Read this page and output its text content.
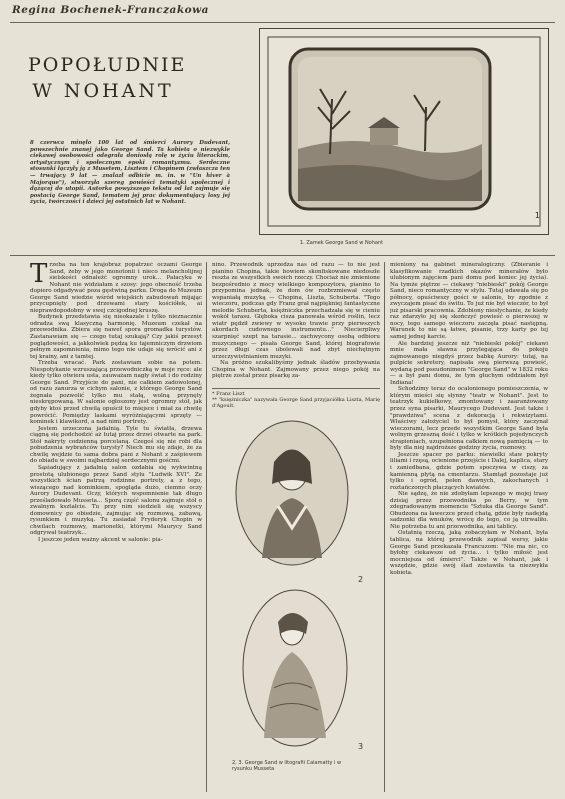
Regina Bochenek-Franczakowa
POPOŁUDNIE
W NOHANT
8 czerwca minęło 100 lat od śmierci Aurory Dudevant, powszechnie znanej jako George Sand. Ta kobieta o niezwykle ciekawej osobowości odegrała doniosłą rolę w życiu literackim, artystycznym i społecznym epoki romantyzmu. Serdeczne stosunki łączyły ją z Musetem, Lisztem i Chopinem (zwłaszcza ten — trwający 9 lat — znalazł odbicie m. in. w "Un hiver à Majorque"), stworzyła szereg powieści tematyki społecznej i dążącej do utopii. Autorka powyższego tekstu od lat zajmuje się postacią George Sand, tematem jej prac dokumentujący losy jej życia, twórczości i dzieci jej ostatnich lat w Nohant.
1
1. Zamek George Sand w Nohant

Trzeba na ten krajobraz popatrzeć oczami George Sand, żeby w jego monotonii i nieco melancholijnej sielskości odnaleźć ogromny urok... Pałacyku w Nohant nie widziałam z szosy: jego obecność trzeba dopiero odgadywać poza gęstwiną parku. Droga do Muzeum George Sand wiedzie wśród wiejskich zabudowań mijając przycupnięty pod drzewami stary kościółek, ai nieprawdopodobny w swej czcigodnej kruszę.

Budynek przedstawia się nieokazale i tylko nieznacznie odradza swą klasyczną harmonię. Muzeum czekał na przewodnika. Zbiera się naweť spora gromadka turystów. Zastanawiam się — czego tutaj szukają? Czy jakiś przesyt poglądowości, a jakkolwiek pędzą ku tajemniczym drzwiom pełnym zapomnienia, mimo tego nie udaje się wrócić ani z tej krainy, ani z tamtej.

Trzeba wracać. Park zostawiam sobie na potem. Niespotykanie wzruszającą przewodniczką w moje ręce: ale kiedy tylko otwiera usta, zauważam nagły świat i do rodziny George Sand. Przyjście do pani, nie całkiem zadowolonej, od razu zanurza w cichym salonie, z którego George Sand żegnała pozwolić tylko mu stałą, wolną przynęty nieskrępowaną. W salonie ogłoszony jest ogromny stół, jak gdyby ktoś przed chwilą opuścił to miejsce i miał za chwilę powrócić. Pomiędzy laskami wyróżniającymi sprzęty — kominek i klawikord, a nad nimi portrety.

Jestem urzeczona jadalnią. Tyle tu światła, drzewa ciągną się podchodzić aż tutaj przez drzwi otwarte na park. Stół nakryty codzienną porcelaną. Czegoś się nie robi dla pobudzenia wybrańców turysty? Niech mu się zdaje, że za chwilę wejdzie tu sama dobra pani z Nohant z zaśpiewem do obiadu w swoimi najbardziej serdecznymi gośćmi.

Sąsiadujący z jadalnią salon ozdabia się wykwintną prostotą ulubionego przez Sand stylu "Ludwik XVI". Ze wszystkich ścian patrzą rodzinne portrety, a z tego, wiszącego nad kominkiem, spogląda dużo, ciemno oczy Aurory Dudevant. Oczy, których wspomnienie tak długo prześladowało Musseta... Sporą część salonu zajmuje stół o zwalnym kształcie. Tu przy nim siedzieli się wszyscy domownicy po obiedzie, zajmując się rozmową, zabawą, rysunkiem i muzyką. Tu zasiadał Fryderyk Chopin w chwilach rozmowy, marionetki, którymi Maurycy Sand odgrywał teatrzyk...

I jeszcze jeden ważny akcent w salonie: pia-

nino. Przewodnik uprzedza nas od razu — to nie jest pianino Chopina, takie bowiem skonfiskowane niedoszłe reszta ze wszystkich swoich rzeczy. Chociaż nie zmienione bezpośrednio z mocy wielkiego kompozytora, pianino to przypomina jednak, że dom ów rozbrzmiewał często wspaniałą muzyką — Chopina, Liszta, Schuberta. "Tego wieczoru, podczas gdy Franz grał najpiękniej fantastyczne melodie Schuberta, księżniczka przechadzała się w cieniu wokół tarasu. Głęboka cisza panowała wśród roślin, lecz wiatr pędził zwiewy w wysoko trawie przy pierwszych akordach cudownego instrumentu..." Niecierpliwy szarpnięć szept na tarasie... zachwycony osobą odbioru muzycznego — pisała George Sand, której biografowie przez długi czas ubolewali nad zbyt niechętnym urzeczywistnianiem muzyki.

Na próżno szukalibyśmy jednak śladów przebywania Chopina w Nohant. Zajmowany przez niego pokój na piętrze został przez pisarkę za-

* Franz Liszt
** "księżniczka" nazywała George Sand przyjaciółka Liszta, Marię d'Agoult.
2
3
2, 3. George Sand w litografii Calamatty i w rysunku Musseta

mieniony na gabinet mineralogiczny. (Zbieranie i klasyfikowanie rzadkich okazów minerałów było ulubionym zajęciem pani domu pod koniec jej życia). Na tymże piętrze — ciekawy "niebieski" pokój George Sand, nieco romantyczny w stylu. Tutaj udawała się po północy, opuściwszy gości w salonie, by zgodnie z zwyczajem pisać do świtu. To już nie był wieczór, to był już pisarski pracownia. Zdobiony niesłychanie, że kiedy raz zdarzyło jej się skończyć powieść o pierwszej w nocy, tego samego wieczoru zaczęła pisać następną. Warunek to nie są łatwe, pisanie, trzy karty po tej samej jednej karcie.

Ale bardziej jeszcze niż "niebieski pokój" ciekawi mnie mała sławna przylegająca do pokoju zajmowanego niegdyś przez babkę Aurory: tutaj, na pulpicie sekretery, napisała swą pierwszą powieść, wydaną pod pseudonimem "George Sand" w 1832 roku — a był pani domu, że tym głuchym oddziałem był Indiana!

Schodzimy teraz do ocalonionego pomieszczenia, w którym mieści się słynny "teatr w Nohant". Jest to teatrzyk kukiełkowy, zmontowany i zaaranżowany przez syna pisarki, Maurycego Dudevant. Jest także i "prawdziwa" scena z dekoracją i rekwizytami. Właściwy założyciel to był pomysł, który zaczynał wieczorami, lecz przede wszystkim George Sand była wolnym grzeszną dość i tylko w krótkich pojedynczych strapieniach, uzupełniona całkiem nową pamięcią — to były dla niej najdroższe godziny życia, rozmowy.

Jeszcze spacer po parku: niewielki staw pokryty liliami i rzęsą, ocienione przejście i Dalej, kaplica, stary i zaniedbana, gdzie potem spoczywa w ciszy, za kamienną płytą na cmentarzu. Stamtąd pozostaje już tylko i ogród, pełen dawnych, zakochanych i roztańczonych płaczących kwiatów.

Nie sądzę, że nie zdobyłam lepszego w mojej trasy dzisiaj przez przewodnika po Berry, w tym zdegradowanym momencie "Sztuka dla George Sand". Obudzona na ławeczce przed chatą, gdzie były nadejdą sadzonki dla wnuków, wrócę do tego, co ją utrwaliło. Nie potrzeba tu ani przewodnika, ani tablicy.

Ostatnią rzeczą, jaką zobaczyłam w Nohant, była tablica, na której przewodnik zapisał wersy, jakie George Sand przekazała Francuzom: "Nie ma nic, co byłoby ciekawsze od życia... i tylko miłość jest mocniejsza od śmierci". Także w Nohant, jak i wszędzie, gdzie swój ślad zostawiła ta niezwykła kobieta.
